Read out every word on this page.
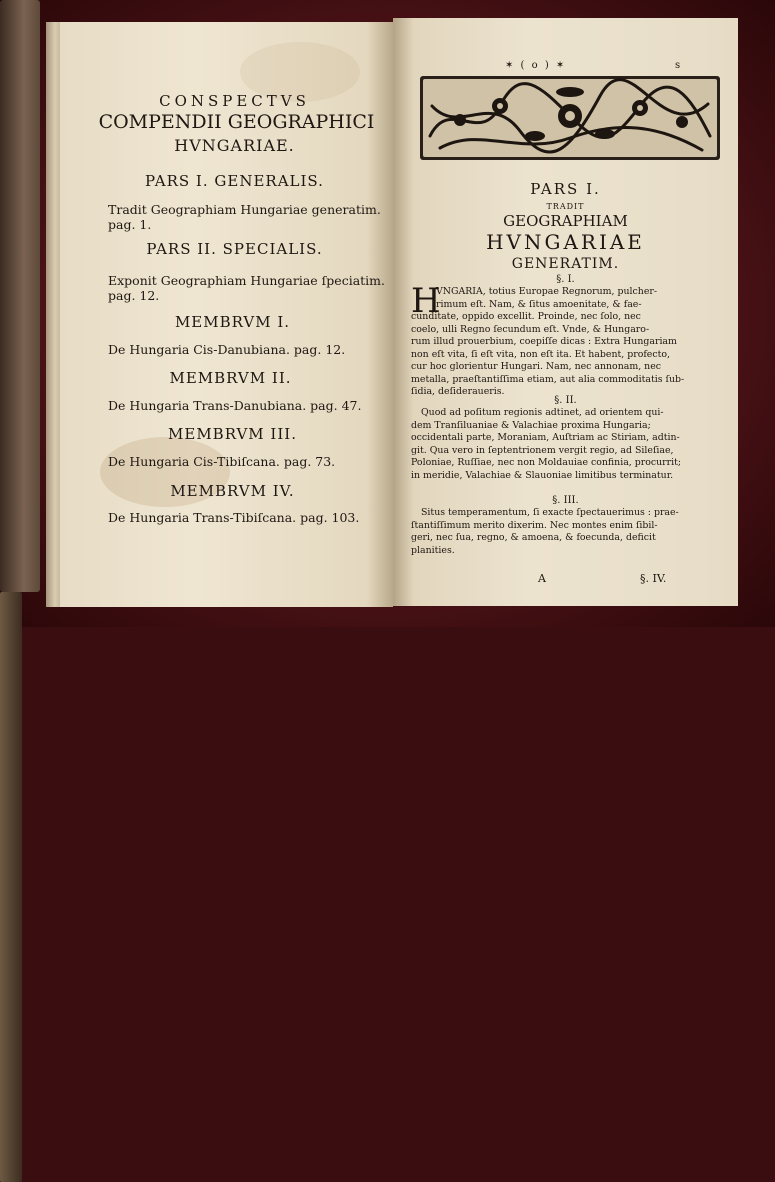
CONSPECTVS
COMPENDII GEOGRAPHICI
HVNGARIAE.
PARS I. GENERALIS.
Tradit Geographiam Hungariae generatim.
pag. 1.
PARS II. SPECIALIS.
Exponit Geographiam Hungariae ſpeciatim.
pag. 12.
MEMBRVM I.
De Hungaria Cis-Danubiana. pag. 12.
MEMBRVM II.
De Hungaria Trans-Danubiana. pag. 47.
MEMBRVM III.
De Hungaria Cis-Tibiſcana. pag. 73.
MEMBRVM IV.
De Hungaria Trans-Tibiſcana. pag. 103.
✶ ( o ) ✶	s
PARS I.
TRADIT
GEOGRAPHIAM
HVNGARIAE
GENERATIM.
§. I.
H
VNGARIA, totius Europae Regnorum, pulcher-
rimum eſt. Nam, & ſitus amoenitate, & fae-
cunditate, oppido excellit. Proinde, nec ſolo, nec
coelo, ulli Regno ſecundum eſt. Vnde, & Hungaro-
rum illud prouerbium, coepiſſe dicas : Extra Hungariam
non eſt vita, ſi eſt vita, non eſt ita. Et habent, profecto,
cur hoc glorientur Hungari. Nam, nec annonam, nec
metalla, praeſtantiſſima etiam, aut alia commoditatis ſub-
ſidia, deſideraueris.
§. II.
Quod ad poſitum regionis adtinet, ad orientem qui-
dem Tranſiluaniae & Valachiae proxima Hungaria;
occidentali parte, Moraniam, Auſtriam ac Stiriam, adtin-
git. Qua vero in ſeptentrionem vergit regio, ad Sileſiae,
Poloniae, Ruſſiae, nec non Moldauiae confinia, procurrit;
in meridie, Valachiae & Slauoniae limitibus terminatur.
§. III.
Situs temperamentum, ſi exacte ſpectauerimus : prae-
ſtantiſſimum merito dixerim. Nec montes enim ſibil-
geri, nec ſua, regno, & amoena, & foecunda, deficit
planities.
A	§. IV.
